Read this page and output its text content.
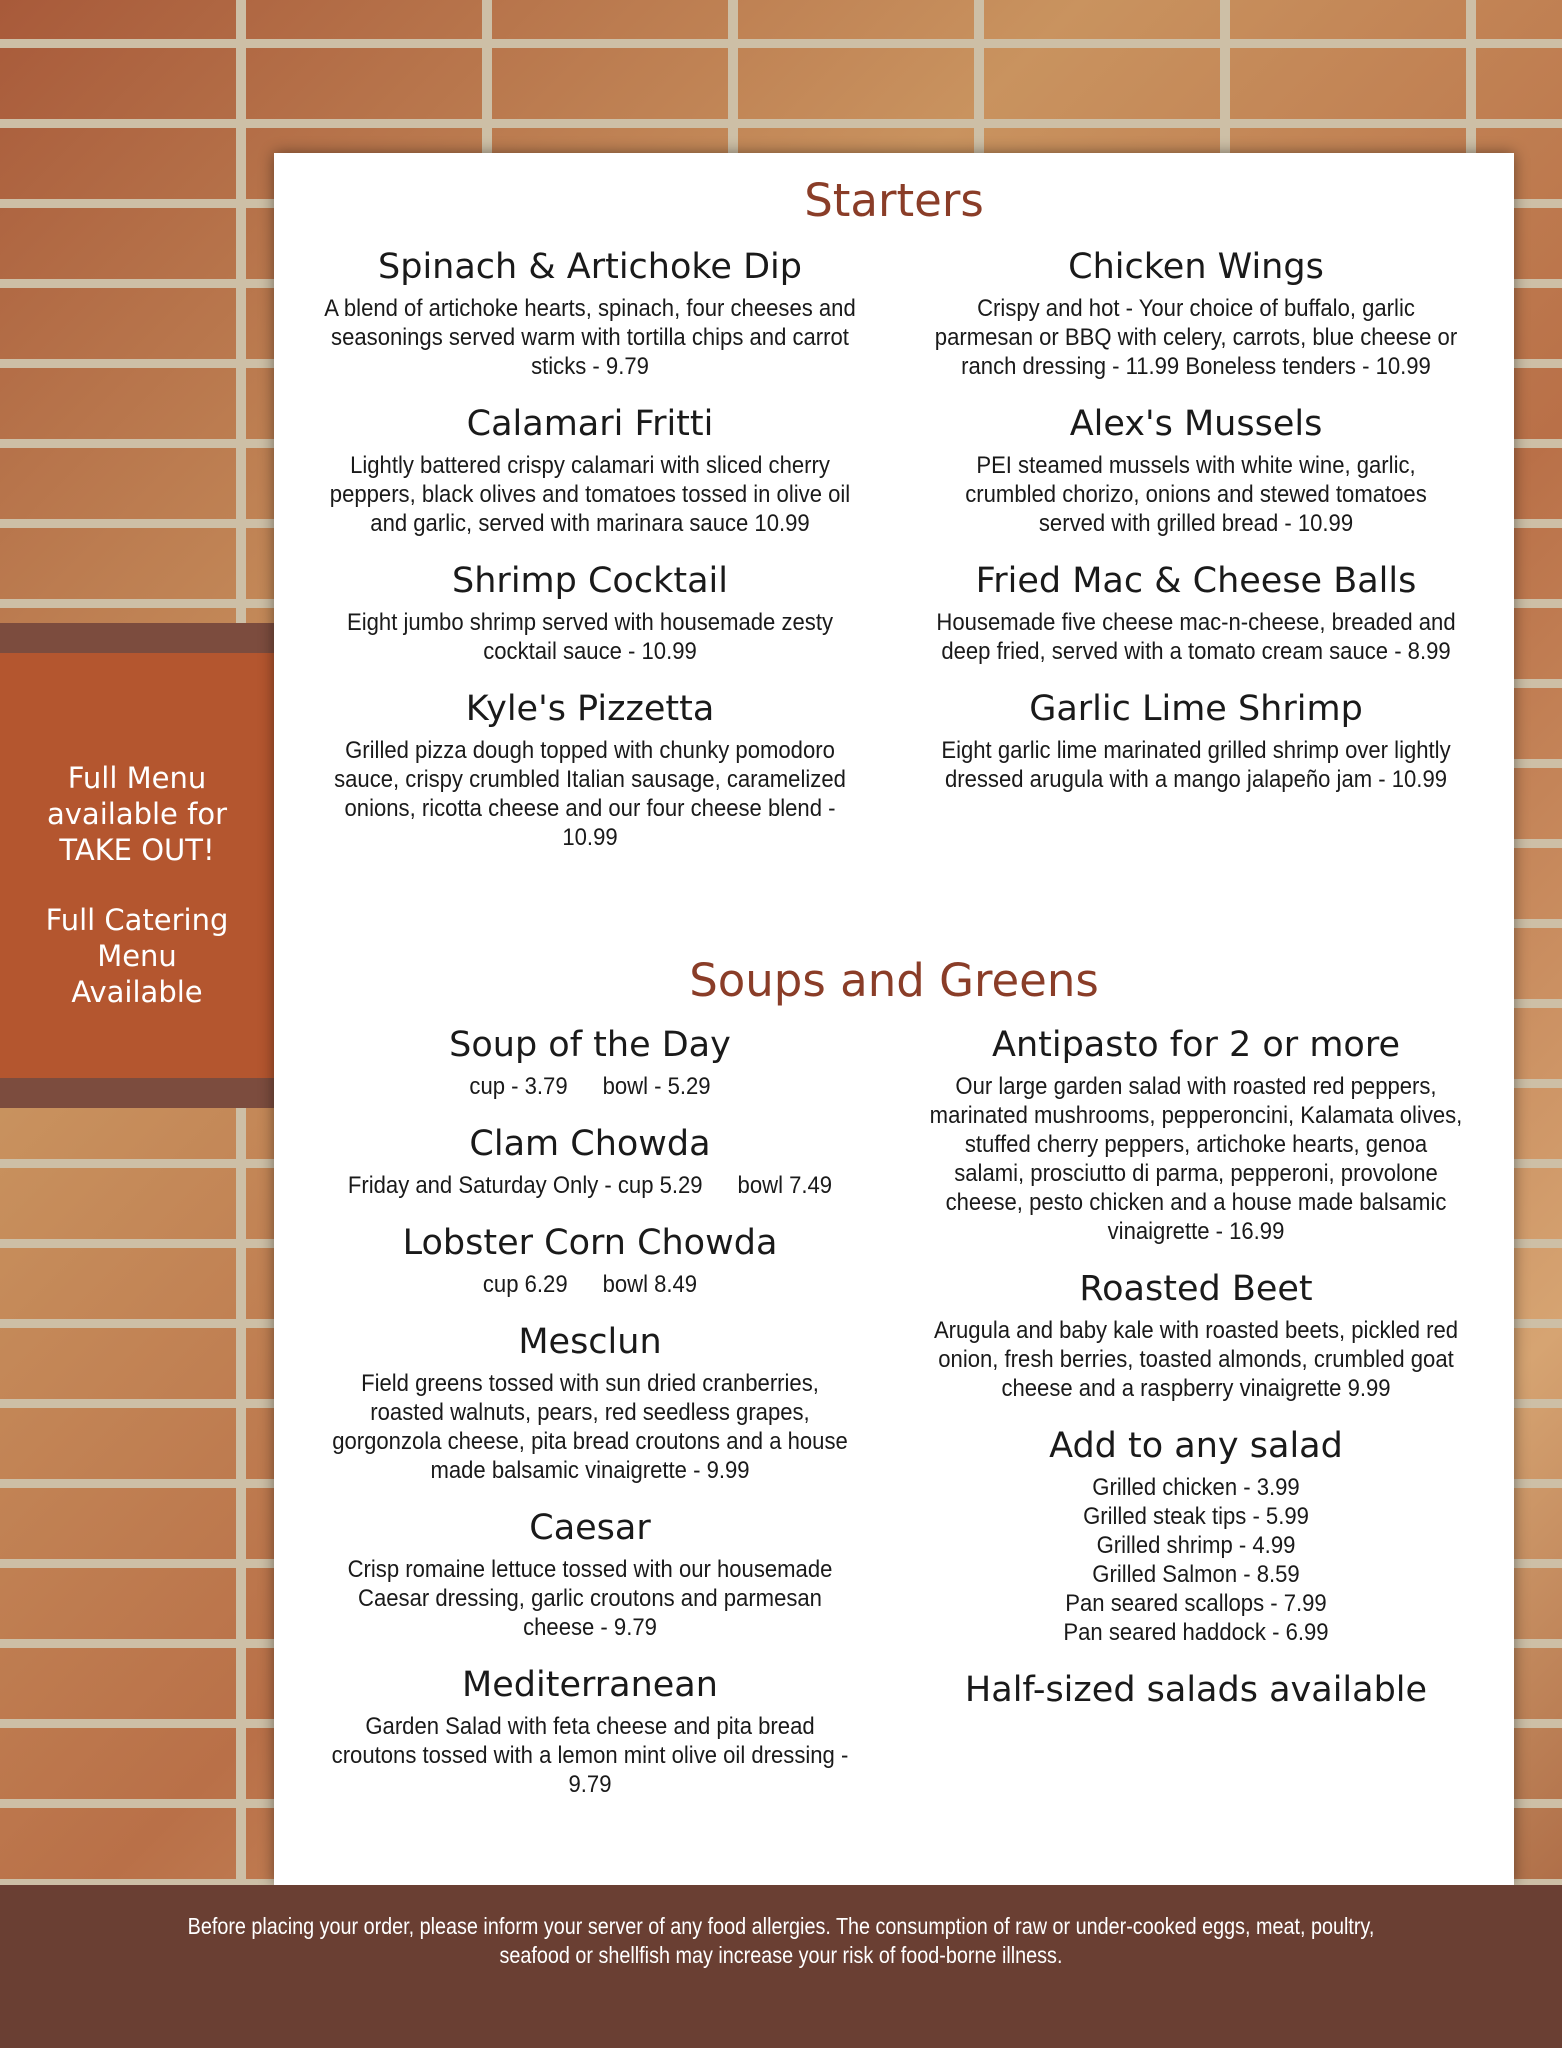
Full Menu
available for
TAKE OUT!
Full Catering
Menu
Available
Starters
Spinach & Artichoke Dip
A blend of artichoke hearts, spinach, four cheeses and seasonings served warm with tortilla chips and carrot sticks - 9.79
Calamari Fritti
Lightly battered crispy calamari with sliced cherry peppers, black olives and tomatoes tossed in olive oil and garlic, served with marinara sauce 10.99
Shrimp Cocktail
Eight jumbo shrimp served with housemade zesty cocktail sauce - 10.99
Kyle's Pizzetta
Grilled pizza dough topped with chunky pomodoro sauce, crispy crumbled Italian sausage, caramelized onions, ricotta cheese and our four cheese blend - 10.99
Chicken Wings
Crispy and hot - Your choice of buffalo, garlic parmesan or BBQ with celery, carrots, blue cheese or ranch dressing - 11.99 Boneless tenders - 10.99
Alex's Mussels
PEI steamed mussels with white wine, garlic, crumbled chorizo, onions and stewed tomatoes served with grilled bread - 10.99
Fried Mac & Cheese Balls
Housemade five cheese mac-n-cheese, breaded and deep fried, served with a tomato cream sauce - 8.99
Garlic Lime Shrimp
Eight garlic lime marinated grilled shrimp over lightly dressed arugula with a mango jalapeño jam - 10.99
Soups and Greens
Soup of the Day
cup - 3.79 bowl - 5.29
Clam Chowda
Friday and Saturday Only - cup 5.29 bowl 7.49
Lobster Corn Chowda
cup 6.29 bowl 8.49
Mesclun
Field greens tossed with sun dried cranberries, roasted walnuts, pears, red seedless grapes, gorgonzola cheese, pita bread croutons and a house made balsamic vinaigrette - 9.99
Caesar
Crisp romaine lettuce tossed with our housemade Caesar dressing, garlic croutons and parmesan cheese - 9.79
Mediterranean
Garden Salad with feta cheese and pita bread croutons tossed with a lemon mint olive oil dressing - 9.79
Antipasto for 2 or more
Our large garden salad with roasted red peppers, marinated mushrooms, pepperoncini, Kalamata olives, stuffed cherry peppers, artichoke hearts, genoa salami, prosciutto di parma, pepperoni, provolone cheese, pesto chicken and a house made balsamic vinaigrette - 16.99
Roasted Beet
Arugula and baby kale with roasted beets, pickled red onion, fresh berries, toasted almonds, crumbled goat cheese and a raspberry vinaigrette 9.99
Add to any salad
Grilled chicken - 3.99
Grilled steak tips - 5.99
Grilled shrimp - 4.99
Grilled Salmon - 8.59
Pan seared scallops - 7.99
Pan seared haddock - 6.99
Half-sized salads available
Before placing your order, please inform your server of any food allergies. The consumption of raw or under-cooked eggs, meat, poultry, seafood or shellfish may increase your risk of food-borne illness.
